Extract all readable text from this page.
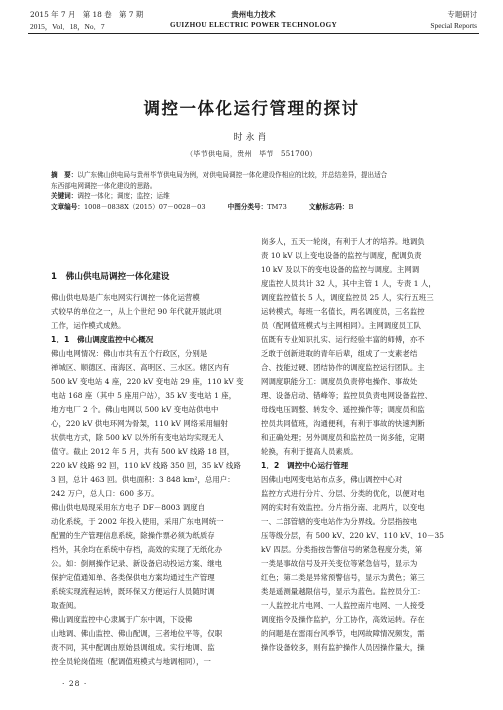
2015 年 7 月　第 18 卷　第 7 期	贵州电力技术	专题研讨
2015，Vol．18，No．7	GUIZHOU ELECTRIC POWER TECHNOLOGY	Special Reports
调控一体化运行管理的探讨
时永肖
（毕节供电局，贵州　毕节　551700）

摘　要：以广东佛山供电局与贵州毕节供电局为例，对供电局调控一体化建设作相应的比较，并总结差异，提出适合

东西部电网调控一体化建设的思路。

关键词：调控一体化；调度；监控；运维

文章编号：1008－0838X（2015）07－0028－03	中图分类号：TM73	文献标志码：B

1　佛山供电局调控一体化建设
佛山供电局是广东电网实行调控一体化运营模
式较早的单位之一，从上个世纪 90 年代就开展此项
工作，运作模式成熟。
1．1　佛山调度监控中心概况
佛山电网情况：佛山市共有五个行政区，分别是
禅城区、顺德区、南海区、高明区、三水区。辖区内有
500 kV 变电站 4 座，220 kV 变电站 29 座，110 kV 变
电站 168 座（其中 5 座用户站），35 kV 变电站 1 座，
地方电厂 2 个。佛山电网以 500 kV 变电站供电中
心，220 kV 供电环网为骨架，110 kV 网络采用辐射
状供电方式，除 500 kV 以外所有变电站均实现无人
值守。截止 2012 年 5 月，共有 500 kV 线路 18 回，
220 kV 线路 92 回，110 kV 线路 350 回，35 kV 线路
3 回，总计 463 回。供电面积：3 848 km²，总用户：
242 万户，总人口：600 多万。
佛山供电局现采用东方电子 DF－8003 调度自
动化系统，于 2002 年投入使用，采用广东电网统一
配置的生产管理信息系统，除操作票必须为纸质存
档外，其余均在系统中存档，高效的实现了无纸化办
公。如：倒闸操作记录、新设备启动投运方案、继电
保护定值通知单、各类保供电方案均通过生产管理
系统实现流程运转，既环保又方便运行人员随时调
取查阅。
佛山调度监控中心隶属于广东中调，下设佛
山地调、佛山监控、佛山配调，三者地位平等，仅职
责不同，其中配调由原始县调组成。实行地调、监
控全员轮岗值班（配调值班模式与地调相同），一
岗多人，五天一轮岗，有利于人才的培养。地调负
责 10 kV 以上变电设备的监控与调度，配调负责
10 kV 及以下的变电设备的监控与调度。主网调
度监控人员共计 32 人，其中主管 1 人，专责 1 人，
调度监控值长 5 人，调度监控员 25 人，实行五班三
运转模式，每班一名值长，两名调度员，三名监控
员（配网值班模式与主网相同）。主网调度员工队
伍既有专业知识扎实、运行经验丰富的师傅，亦不
乏敢于创新进取的青年后辈，组成了一支素老结
合、技能过硬、团结协作的调度监控运行团队。主
网调度职能分工：调度员负责停电操作、事故处
理、设备启动、错峰等；监控员负责电网设备监控、
母线电压调整、转发令、遥控操作等；调度员和监
控员共同值班，沟通便利，有利于事故的快速判断
和正确处理；另外调度员和监控员一岗多能，定期
轮换，有利于提高人员素质。
1．2　调控中心运行管理
因佛山电网变电站布点多，佛山调控中心对
监控方式进行分片、分层、分类的优化，以便对电
网的实时有效监控。分片指分南、北两片，以变电
一、二部管辖的变电站作为分界线。分层指按电
压等级分层，有 500 kV、220 kV、110 kV、10－35
kV 四层。分类指按告警信号的紧急程度分类，第
一类是事故信号及开关变位等紧急信号，显示为
红色；第二类是异常预警信号，显示为黄色；第三
类是遥测量越限信号，显示为蓝色。监控员分工：
一人监控北片电网、一人监控南片电网、一人接受
调度指令及操作监护，分工协作，高效运转。存在
的问题是在雷雨台风季节，电网故障情况频发，需
操作设备较多，则有监护操作人员因操作量大，操
· 28 ·
